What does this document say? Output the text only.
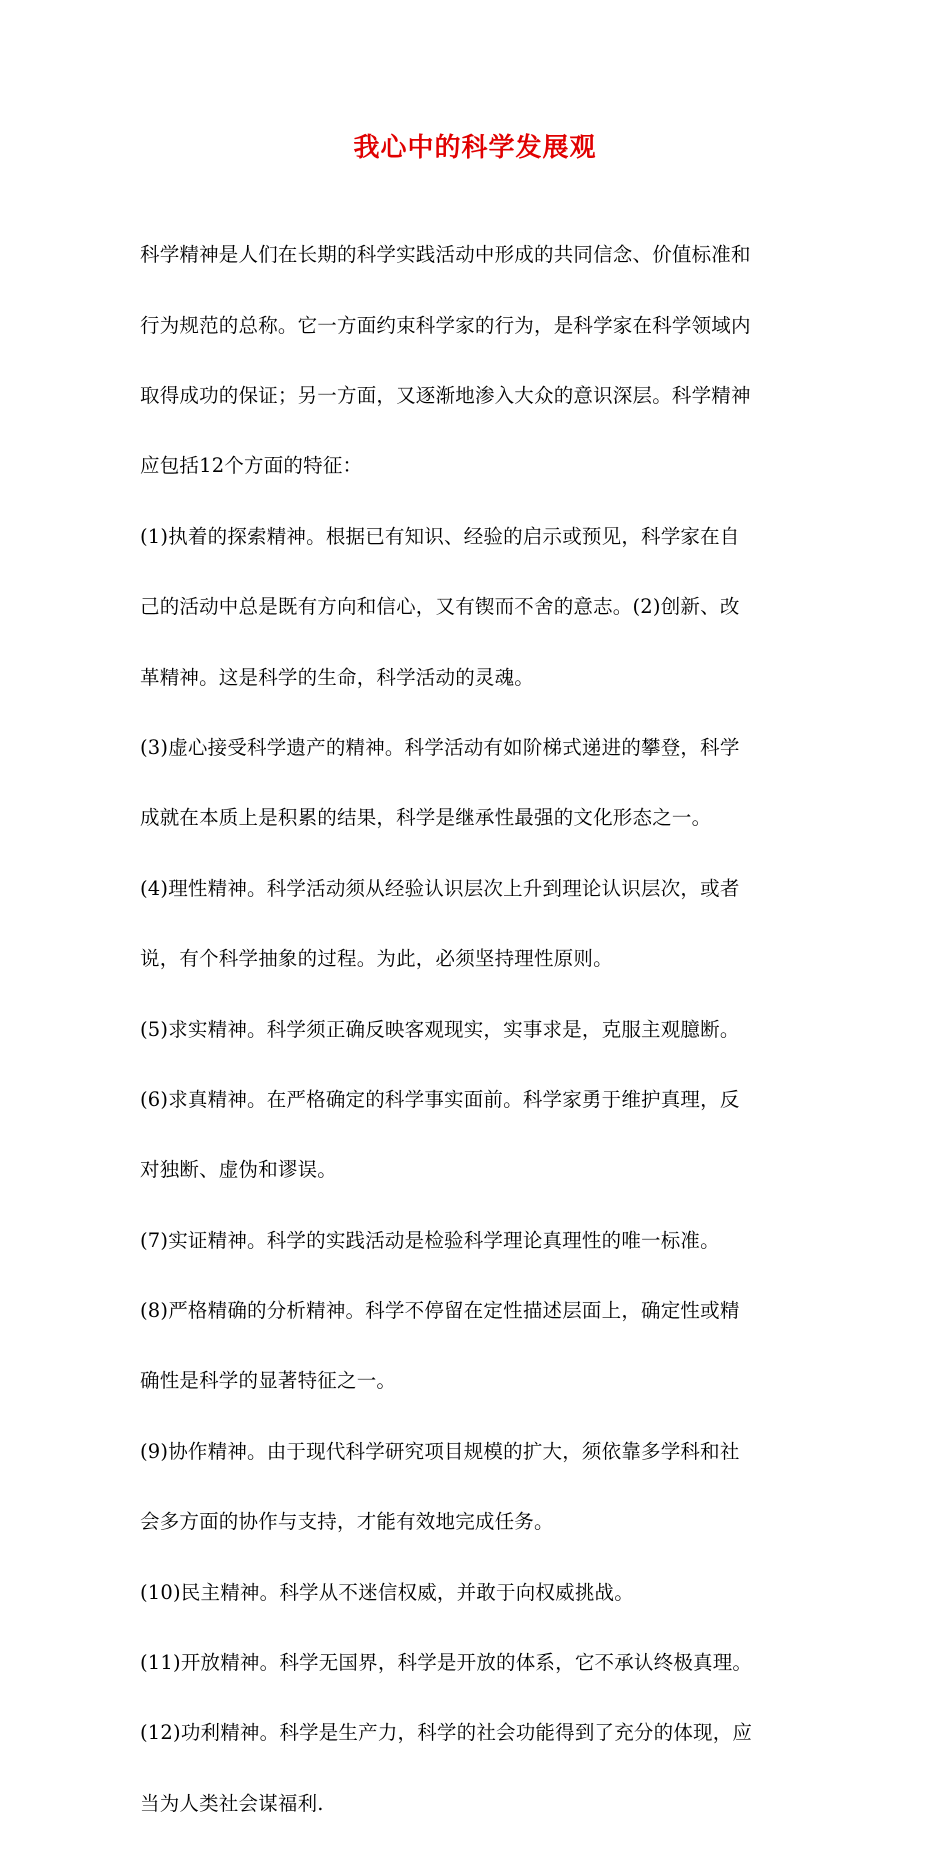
我心中的科学发展观

科学精神是人们在长期的科学实践活动中形成的共同信念、价值标准和

行为规范的总称。它一方面约束科学家的行为，是科学家在科学领域内

取得成功的保证；另一方面，又逐渐地渗入大众的意识深层。科学精神

应包括12个方面的特征：

(1)执着的探索精神。根据已有知识、经验的启示或预见，科学家在自

己的活动中总是既有方向和信心，又有锲而不舍的意志。(2)创新、改

革精神。这是科学的生命，科学活动的灵魂。

(3)虚心接受科学遗产的精神。科学活动有如阶梯式递进的攀登，科学

成就在本质上是积累的结果，科学是继承性最强的文化形态之一。

(4)理性精神。科学活动须从经验认识层次上升到理论认识层次，或者

说，有个科学抽象的过程。为此，必须坚持理性原则。

(5)求实精神。科学须正确反映客观现实，实事求是，克服主观臆断。

(6)求真精神。在严格确定的科学事实面前。科学家勇于维护真理，反

对独断、虚伪和谬误。

(7)实证精神。科学的实践活动是检验科学理论真理性的唯一标准。

(8)严格精确的分析精神。科学不停留在定性描述层面上，确定性或精

确性是科学的显著特征之一。

(9)协作精神。由于现代科学研究项目规模的扩大，须依靠多学科和社

会多方面的协作与支持，才能有效地完成任务。

(10)民主精神。科学从不迷信权威，并敢于向权威挑战。

(11)开放精神。科学无国界，科学是开放的体系，它不承认终极真理。

(12)功利精神。科学是生产力，科学的社会功能得到了充分的体现，应

当为人类社会谋福利.
